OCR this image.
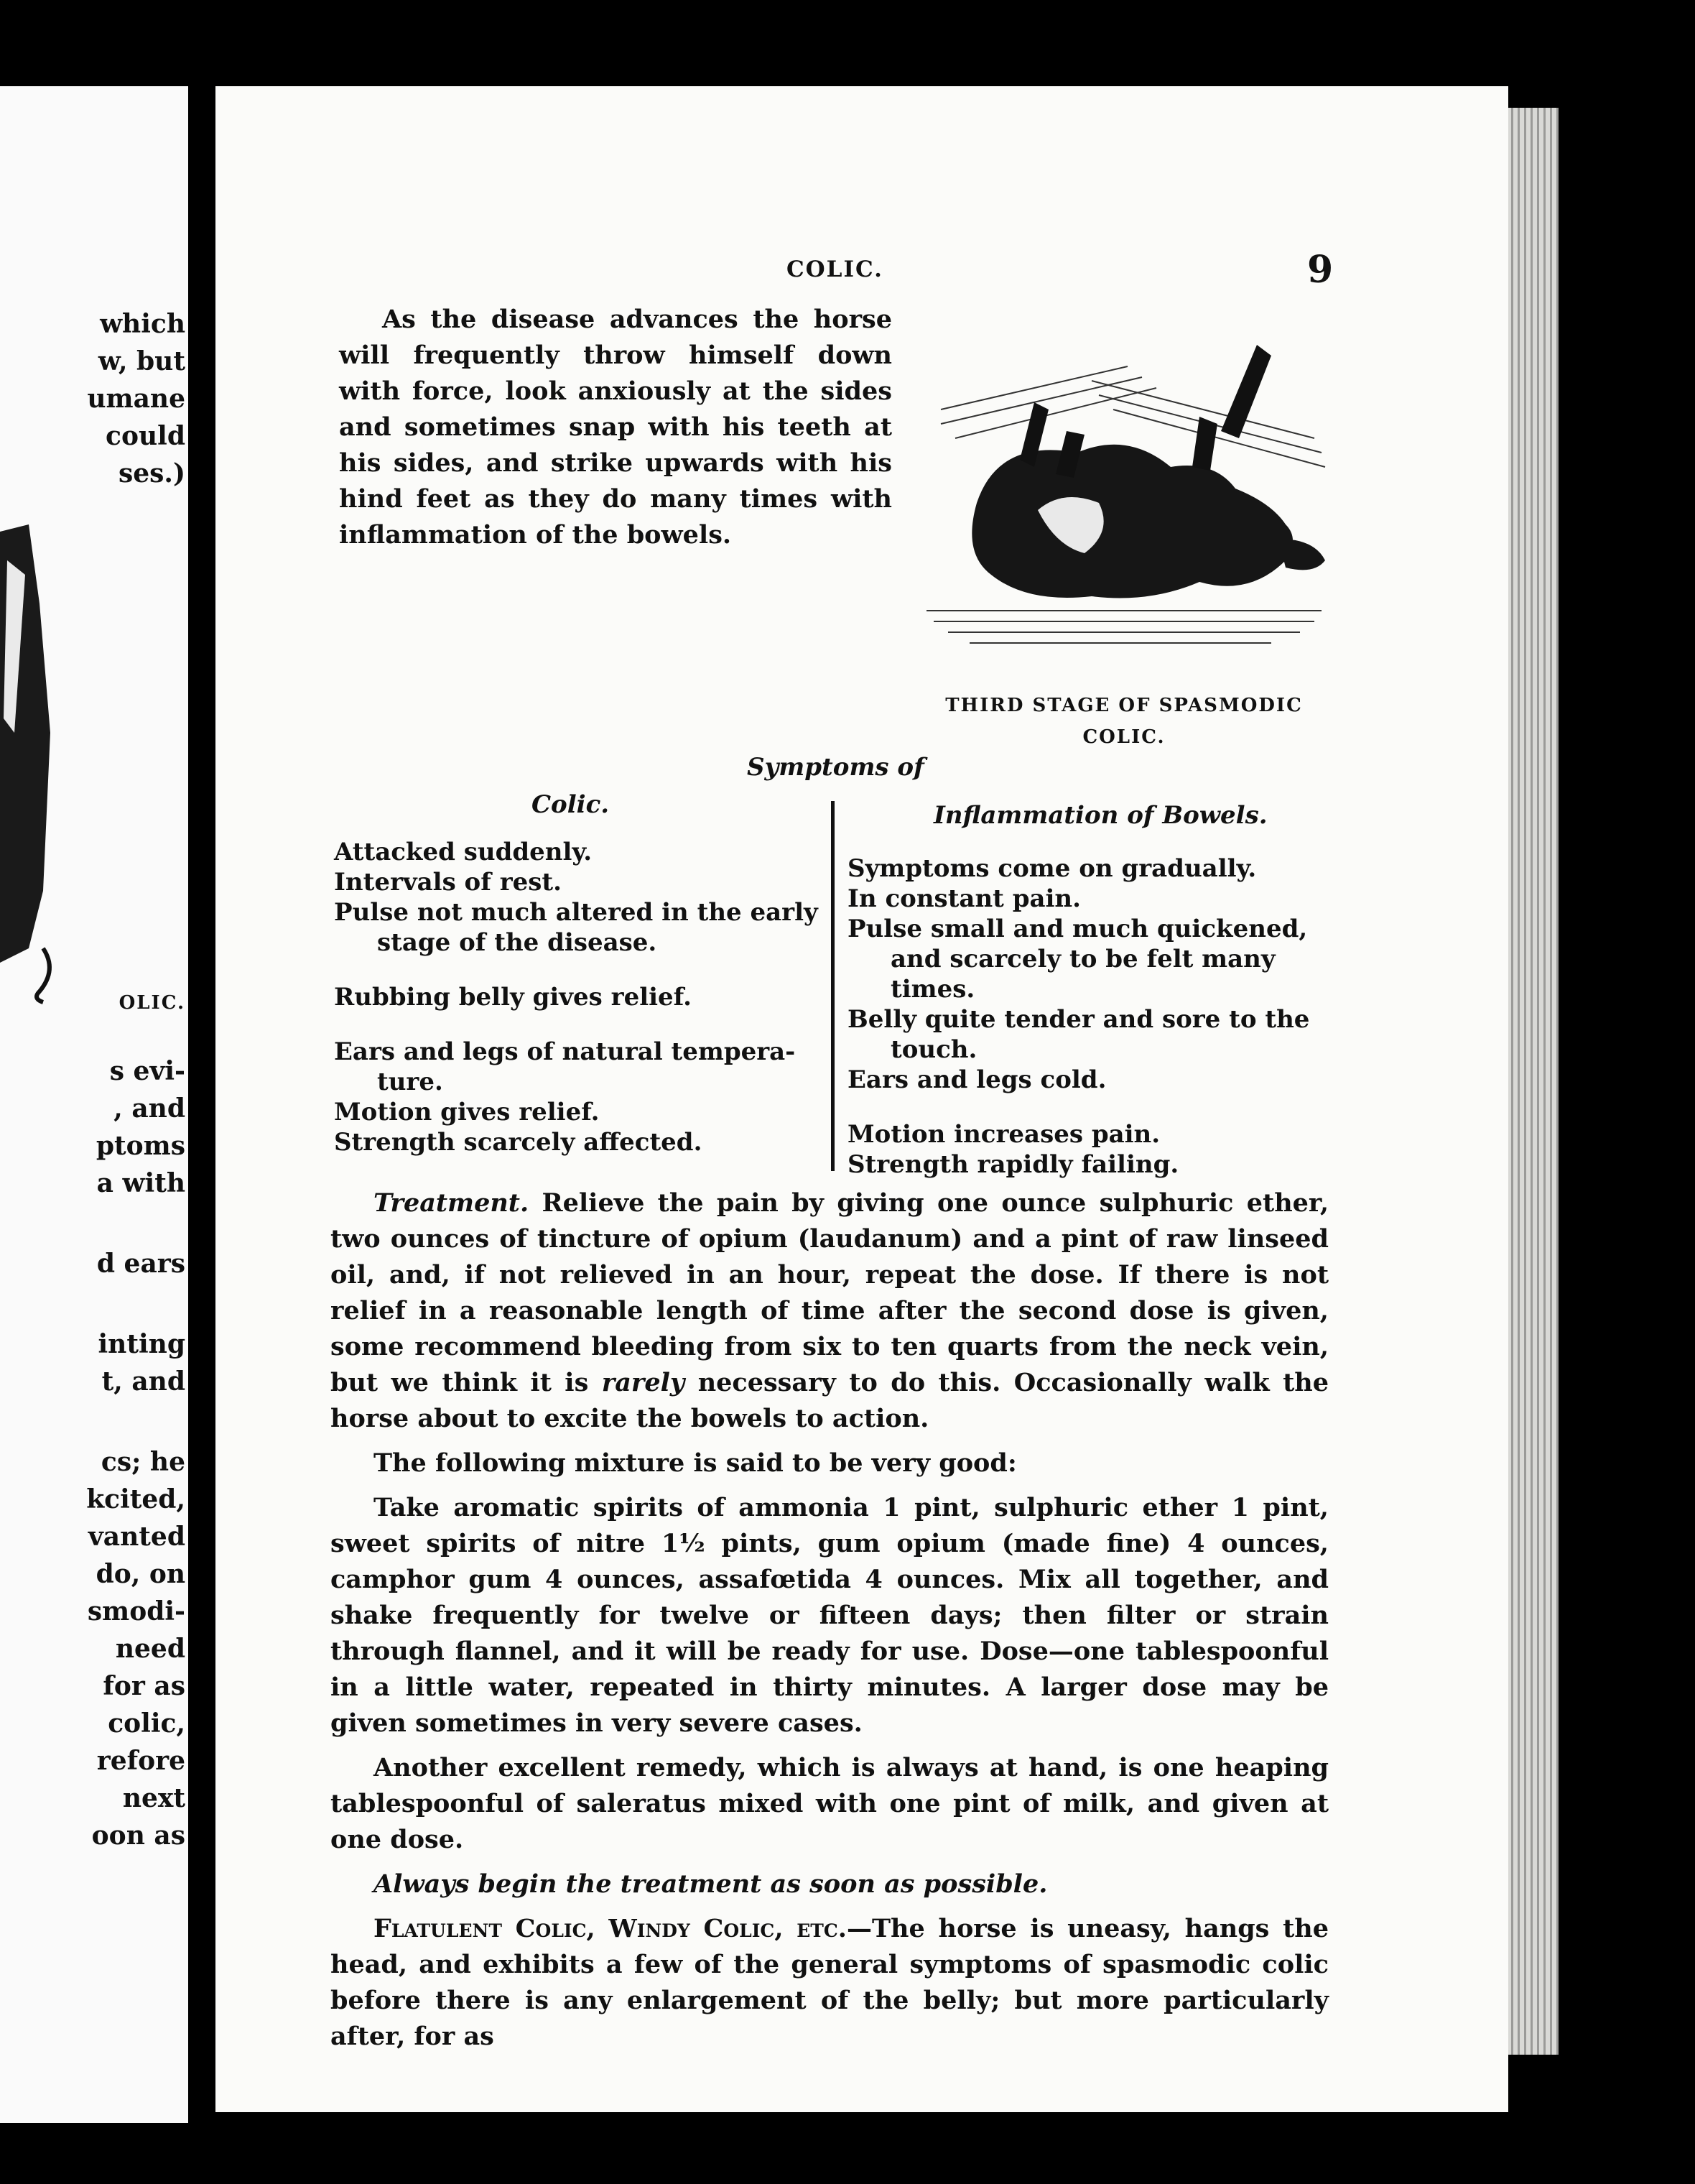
which
w, but
umane
could
ses.)
OLIC.
s evi-
, and
ptoms
a with
d ears
inting
t, and
cs; he
kcited,
vanted
do, on
smodi-
need
for as
colic,
refore
next
oon as
COLIC.	9
As the disease advances the horse will frequently throw himself down with force, look anxiously at the sides and sometimes snap with his teeth at his sides, and strike upwards with his hind feet as they do many times with inflammation of the bowels.
THIRD STAGE OF SPASMODIC
COLIC.
Symptoms of
Colic.	Inflammation of Bowels.
Attacked suddenly.
Intervals of rest.
Pulse not much altered in the early
stage of the disease.
Rubbing belly gives relief.
Ears and legs of natural tempera-
ture.
Motion gives relief.
Strength scarcely affected.
Symptoms come on gradually.
In constant pain.
Pulse small and much quickened,
and scarcely to be felt many
times.
Belly quite tender and sore to the
touch.
Ears and legs cold.
Motion increases pain.
Strength rapidly failing.

Treatment. Relieve the pain by giving one ounce sulphuric ether, two ounces of tincture of opium (laudanum) and a pint of raw linseed oil, and, if not relieved in an hour, repeat the dose. If there is not relief in a reasonable length of time after the second dose is given, some recommend bleeding from six to ten quarts from the neck vein, but we think it is rarely necessary to do this. Occasionally walk the horse about to excite the bowels to action.

The following mixture is said to be very good:

Take aromatic spirits of ammonia 1 pint, sulphuric ether 1 pint, sweet spirits of nitre 1½ pints, gum opium (made fine) 4 ounces, camphor gum 4 ounces, assafœtida 4 ounces. Mix all together, and shake frequently for twelve or fifteen days; then filter or strain through flannel, and it will be ready for use. Dose—one tablespoonful in a little water, repeated in thirty minutes. A larger dose may be given sometimes in very severe cases.

Another excellent remedy, which is always at hand, is one heaping tablespoonful of saleratus mixed with one pint of milk, and given at one dose.

Always begin the treatment as soon as possible.

Flatulent Colic, Windy Colic, etc.—The horse is uneasy, hangs the head, and exhibits a few of the general symptoms of spasmodic colic before there is any enlargement of the belly; but more particularly after, for as
